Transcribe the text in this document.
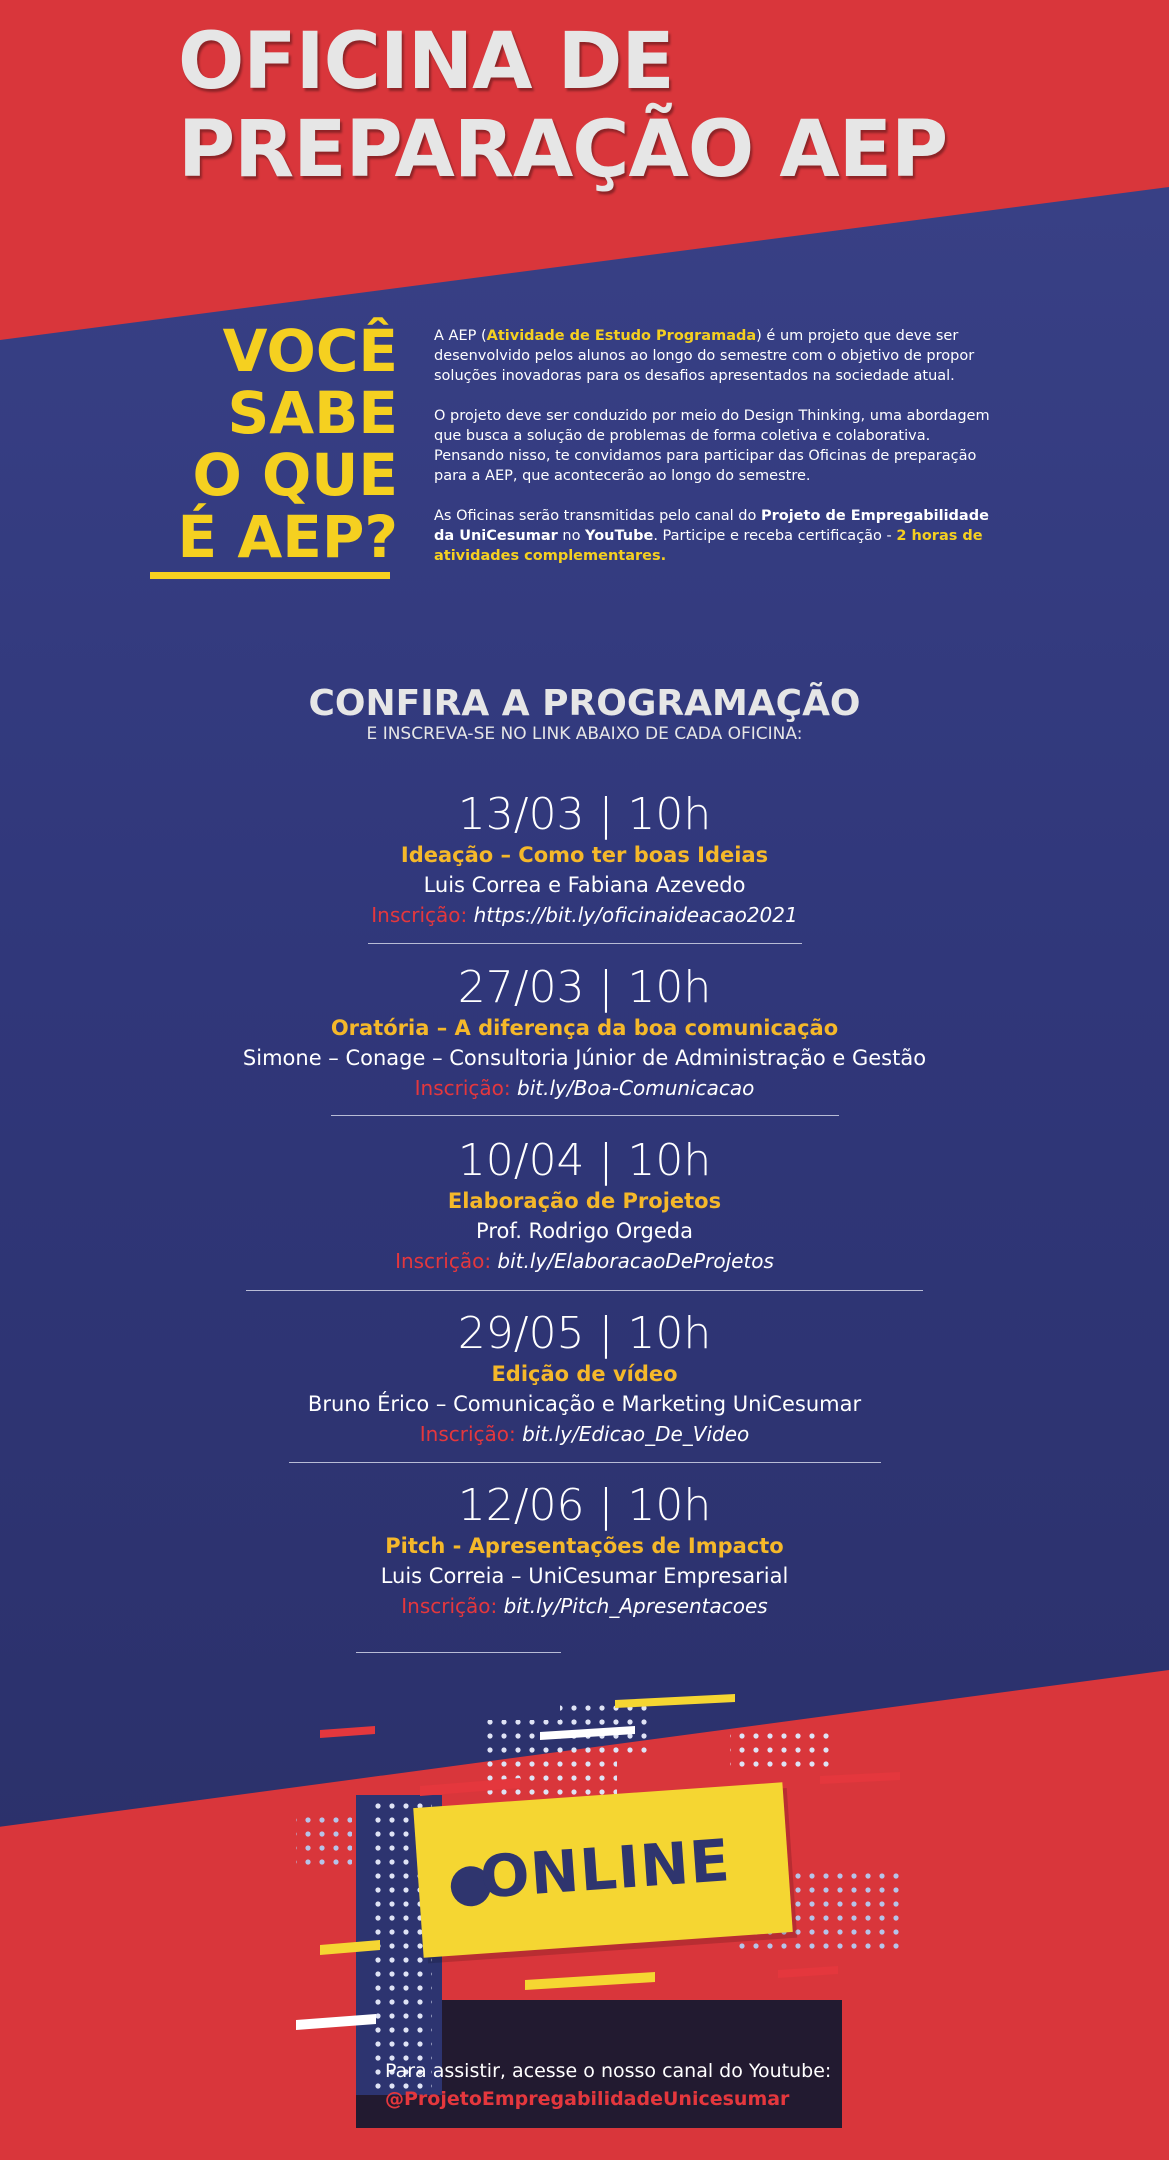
OFICINA DE
PREPARAÇÃO AEP
VOCÊ
SABE
O QUE
É AEP?

A AEP (Atividade de Estudo Programada) é um projeto que deve ser desenvolvido pelos alunos ao longo do semestre com o objetivo de propor soluções inovadoras para os desafios apresentados na sociedade atual.

O projeto deve ser conduzido por meio do Design Thinking, uma abordagem que busca a solução de problemas de forma coletiva e colaborativa. Pensando nisso, te convidamos para participar das Oficinas de preparação para a AEP, que acontecerão ao longo do semestre.

As Oficinas serão transmitidas pelo canal do Projeto de Empregabilidade da UniCesumar no YouTube. Participe e receba certificação - 2 horas de atividades complementares.

CONFIRA A PROGRAMAÇÃO
E INSCREVA-SE NO LINK ABAIXO DE CADA OFICINA:
13/03 | 10h
Ideação – Como ter boas Ideias
Luis Correa e Fabiana Azevedo
Inscrição: https://bit.ly/oficinaideacao2021
27/03 | 10h
Oratória – A diferença da boa comunicação
Simone – Conage – Consultoria Júnior de Administração e Gestão
Inscrição: bit.ly/Boa-Comunicacao
10/04 | 10h
Elaboração de Projetos
Prof. Rodrigo Orgeda
Inscrição: bit.ly/ElaboracaoDeProjetos
29/05 | 10h
Edição de vídeo
Bruno Érico – Comunicação e Marketing UniCesumar
Inscrição: bit.ly/Edicao_De_Video
12/06 | 10h
Pitch - Apresentações de Impacto
Luis Correia – UniCesumar Empresarial
Inscrição: bit.ly/Pitch_Apresentacoes
ONLINE
Para assistir, acesse o nosso canal do Youtube:
@ProjetoEmpregabilidadeUnicesumar
